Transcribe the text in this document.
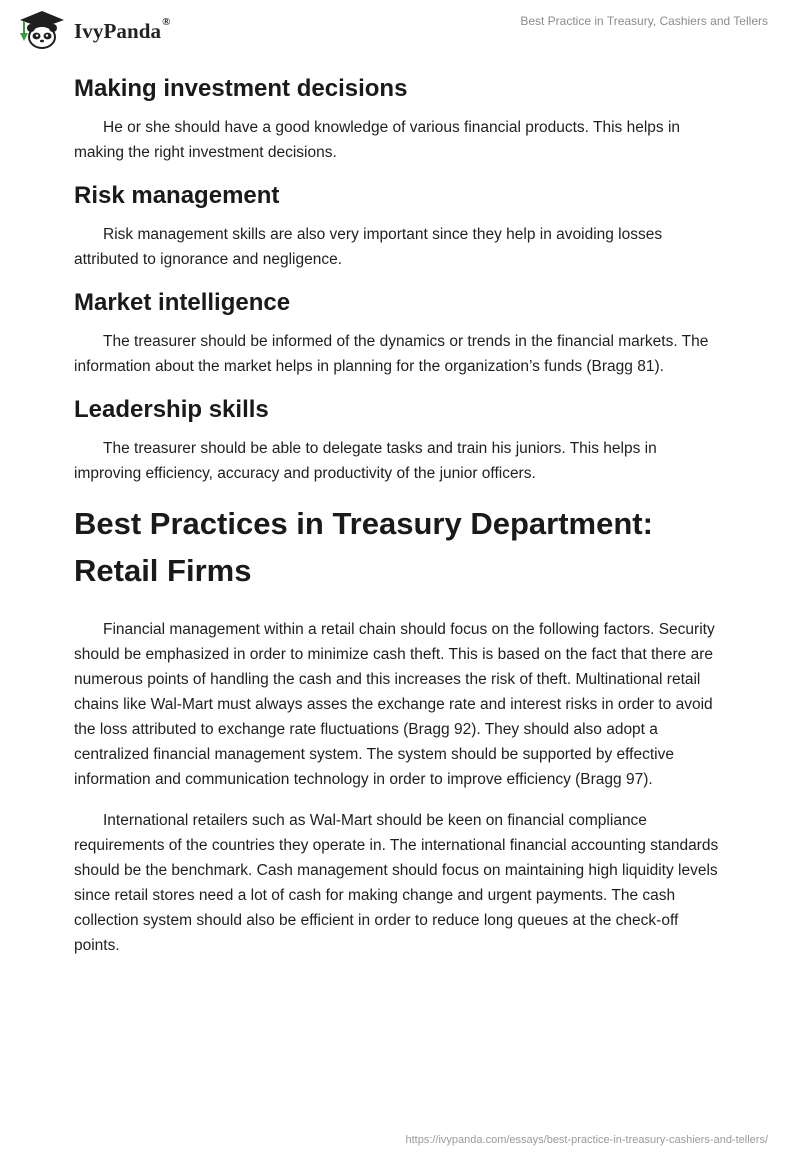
IvyPanda®	Best Practice in Treasury, Cashiers and Tellers
Making investment decisions

He or she should have a good knowledge of various financial products. This helps in making the right investment decisions.

Risk management

Risk management skills are also very important since they help in avoiding losses attributed to ignorance and negligence.

Market intelligence

The treasurer should be informed of the dynamics or trends in the financial markets. The information about the market helps in planning for the organization’s funds (Bragg 81).

Leadership skills

The treasurer should be able to delegate tasks and train his juniors. This helps in improving efficiency, accuracy and productivity of the junior officers.

Best Practices in Treasury Department: Retail Firms

Financial management within a retail chain should focus on the following factors. Security should be emphasized in order to minimize cash theft. This is based on the fact that there are numerous points of handling the cash and this increases the risk of theft. Multinational retail chains like Wal-Mart must always asses the exchange rate and interest risks in order to avoid the loss attributed to exchange rate fluctuations (Bragg 92). They should also adopt a centralized financial management system. The system should be supported by effective information and communication technology in order to improve efficiency (Bragg 97).

International retailers such as Wal-Mart should be keen on financial compliance requirements of the countries they operate in. The international financial accounting standards should be the benchmark. Cash management should focus on maintaining high liquidity levels since retail stores need a lot of cash for making change and urgent payments. The cash collection system should also be efficient in order to reduce long queues at the check-off points.

https://ivypanda.com/essays/best-practice-in-treasury-cashiers-and-tellers/
